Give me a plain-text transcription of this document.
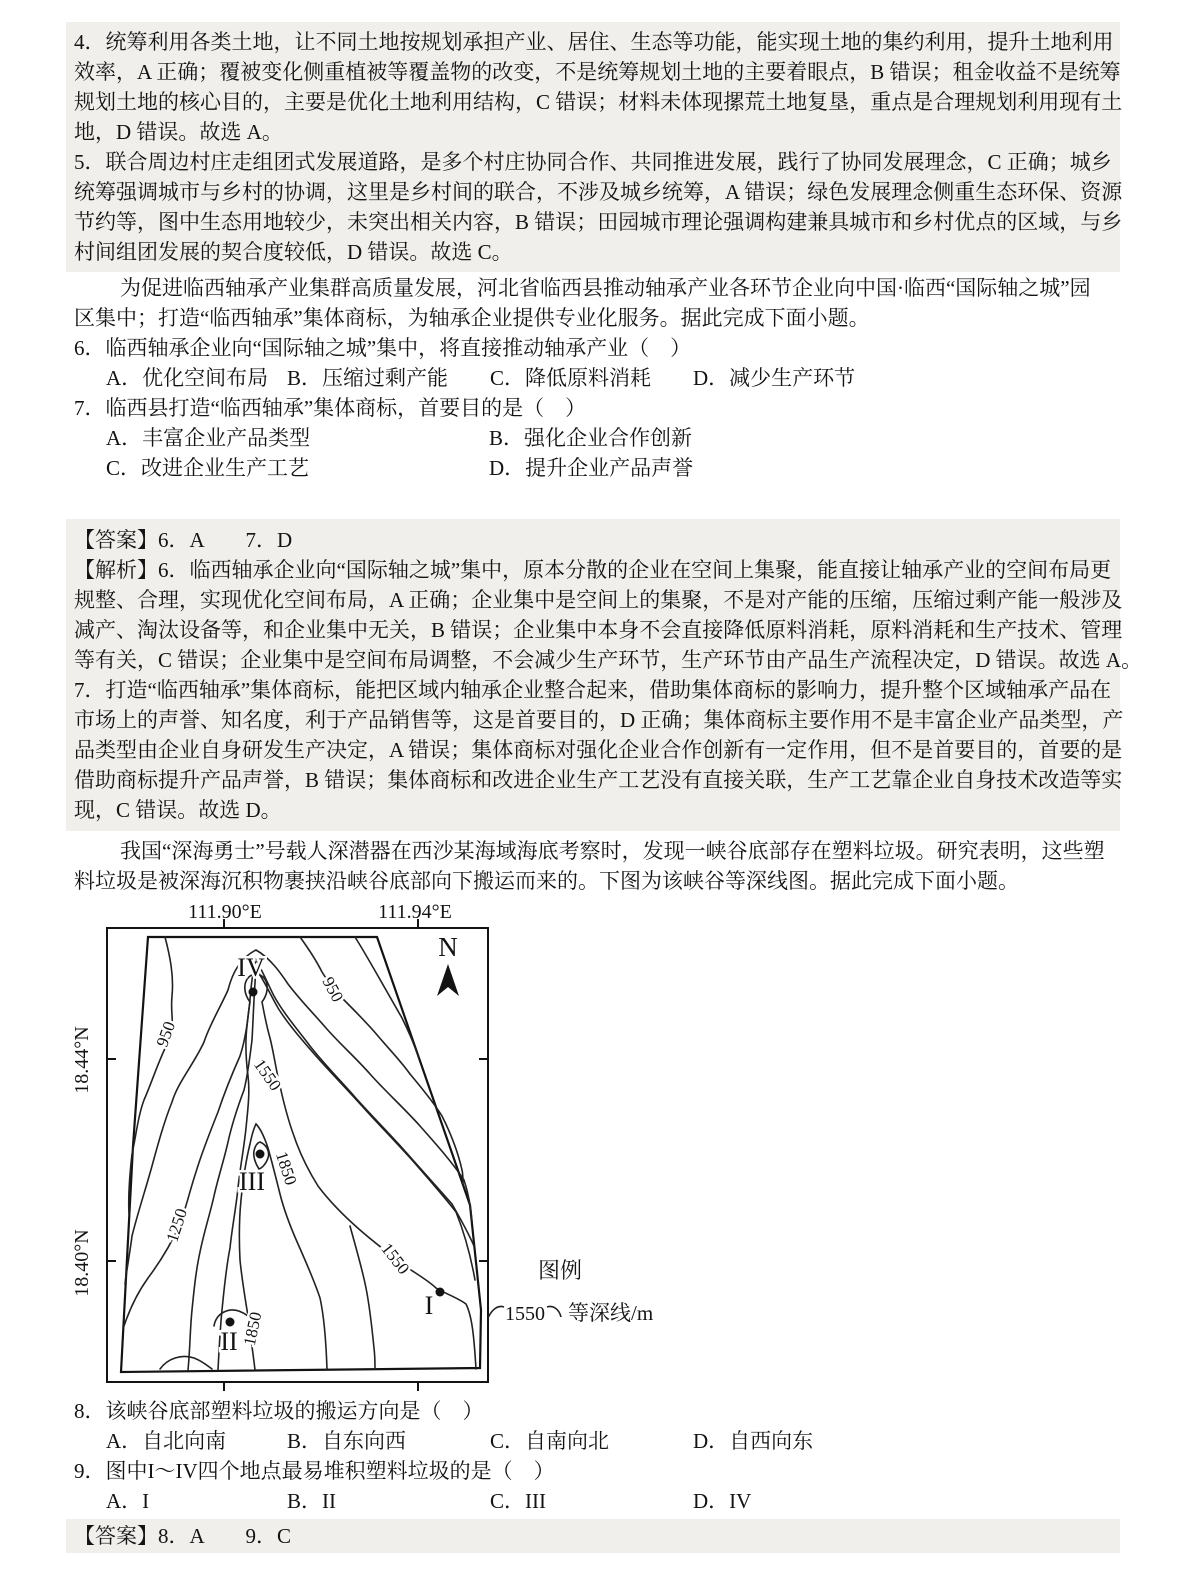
4．统筹利用各类土地，让不同土地按规划承担产业、居住、生态等功能，能实现土地的集约利用，提升土地利用
效率，A 正确；覆被变化侧重植被等覆盖物的改变，不是统筹规划土地的主要着眼点，B 错误；租金收益不是统筹
规划土地的核心目的，主要是优化土地利用结构，C 错误；材料未体现摞荒土地复垦，重点是合理规划利用现有土
地，D 错误。故选 A。
5．联合周边村庄走组团式发展道路，是多个村庄协同合作、共同推进发展，践行了协同发展理念，C 正确；城乡
统筹强调城市与乡村的协调，这里是乡村间的联合，不涉及城乡统筹，A 错误；绿色发展理念侧重生态环保、资源
节约等，图中生态用地较少，未突出相关内容，B 错误；田园城市理论强调构建兼具城市和乡村优点的区域，与乡
村间组团发展的契合度较低，D 错误。故选 C。
为促进临西轴承产业集群高质量发展，河北省临西县推动轴承产业各环节企业向中国·临西“国际轴之城”园
区集中；打造“临西轴承”集体商标，为轴承企业提供专业化服务。据此完成下面小题。
6．临西轴承企业向“国际轴之城”集中，将直接推动轴承产业（　）
A．优化空间布局 B．压缩过剩产能 C．降低原料消耗 D．减少生产环节
7．临西县打造“临西轴承”集体商标，首要目的是（　）
A．丰富企业产品类型	B．强化企业合作创新
C．改进企业生产工艺	D．提升企业产品声誉
【答案】6．A　　7．D
【解析】6．临西轴承企业向“国际轴之城”集中，原本分散的企业在空间上集聚，能直接让轴承产业的空间布局更
规整、合理，实现优化空间布局，A 正确；企业集中是空间上的集聚，不是对产能的压缩，压缩过剩产能一般涉及
减产、淘汰设备等，和企业集中无关，B 错误；企业集中本身不会直接降低原料消耗，原料消耗和生产技术、管理
等有关，C 错误；企业集中是空间布局调整，不会减少生产环节，生产环节由产品生产流程决定，D 错误。故选 A。
7．打造“临西轴承”集体商标，能把区域内轴承企业整合起来，借助集体商标的影响力，提升整个区域轴承产品在
市场上的声誉、知名度，利于产品销售等，这是首要目的，D 正确；集体商标主要作用不是丰富企业产品类型，产
品类型由企业自身研发生产决定，A 错误；集体商标对强化企业合作创新有一定作用，但不是首要目的，首要的是
借助商标提升产品声誉，B 错误；集体商标和改进企业生产工艺没有直接关联，生产工艺靠企业自身技术改造等实
现，C 错误。故选 D。
我国“深海勇士”号载人深潜器在西沙某海域海底考察时，发现一峡谷底部存在塑料垃圾。研究表明，这些塑
料垃圾是被深海沉积物裹挟沿峡谷底部向下搬运而来的。下图为该峡谷等深线图。据此完成下面小题。
111.90°E	111.94°E
18.44°N
18.40°N
950
950
1550
1250
1850
1850
1550
IV
III
II
I
N
图例
1550 等深线/m
8．该峡谷底部塑料垃圾的搬运方向是（　）
A．自北向南	B．自东向西	C．自南向北	D．自西向东
9．图中I～IV四个地点最易堆积塑料垃圾的是（　）
A．I	B．II	C．III	D．IV
【答案】8．A　　9．C
